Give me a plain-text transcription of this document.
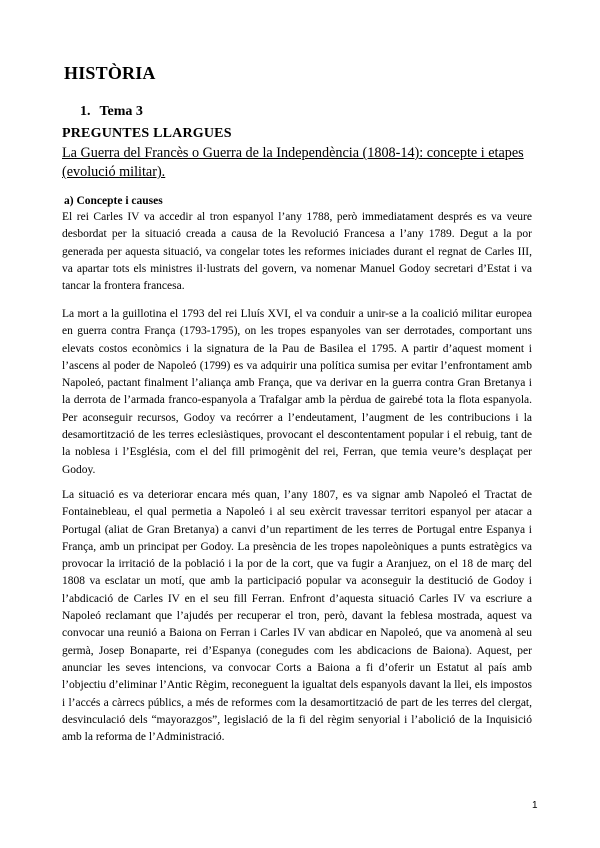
HISTÒRIA
1. Tema 3
PREGUNTES LLARGUES

La Guerra del Francès o Guerra de la Independència (1808-14): concepte i etapes (evolució militar).

a) Concepte i causes

El rei Carles IV va accedir al tron espanyol l’any 1788, però immediatament després es va veure desbordat per la situació creada a causa de la Revolució Francesa a l’any 1789. Degut a la por generada per aquesta situació, va congelar totes les reformes iniciades durant el regnat de Carles III, va apartar tots els ministres il·lustrats del govern, va nomenar Manuel Godoy secretari d’Estat i va tancar la frontera francesa.

La mort a la guillotina el 1793 del rei Lluís XVI, el va conduir a unir-se a la coalició militar europea en guerra contra França (1793-1795), on les tropes espanyoles van ser derrotades, comportant uns elevats costos econòmics i la signatura de la Pau de Basilea el 1795. A partir d’aquest moment i l’ascens al poder de Napoleó (1799) es va adquirir una política sumisa per evitar l’enfrontament amb Napoleó, pactant finalment l’aliança amb França, que va derivar en la guerra contra Gran Bretanya i la derrota de l’armada franco-espanyola a Trafalgar amb la pèrdua de gairebé tota la flota espanyola. Per aconseguir recursos, Godoy va recórrer a l’endeutament, l’augment de les contribucions i la desamortització de les terres eclesiàstiques, provocant el descontentament popular i el rebuig, tant de la noblesa i l’Església, com el del fill primogènit del rei, Ferran, que temia veure’s desplaçat per Godoy.

La situació es va deteriorar encara més quan, l’any 1807, es va signar amb Napoleó el Tractat de Fontainebleau, el qual permetia a Napoleó i al seu exèrcit travessar territori espanyol per atacar a Portugal (aliat de Gran Bretanya) a canvi d’un repartiment de les terres de Portugal entre Espanya i França, amb un principat per Godoy. La presència de les tropes napoleòniques a punts estratègics va provocar la irritació de la població i la por de la cort, que va fugir a Aranjuez, on el 18 de març del 1808 va esclatar un motí, que amb la participació popular va aconseguir la destitució de Godoy i l’abdicació de Carles IV en el seu fill Ferran. Enfront d’aquesta situació Carles IV va escriure a Napoleó reclamant que l’ajudés per recuperar el tron, però, davant la feblesa mostrada, aquest va convocar una reunió a Baiona on Ferran i Carles IV van abdicar en Napoleó, que va anomenà al seu germà, Josep Bonaparte, rei d’Espanya (conegudes com les abdicacions de Baiona). Aquest, per anunciar les seves intencions, va convocar Corts a Baiona a fi d’oferir un Estatut al país amb l’objectiu d’eliminar l’Antic Règim, reconeguent la igualtat dels espanyols davant la llei, els impostos i l’accés a càrrecs públics, a més de reformes com la desamortització de part de les terres del clergat, desvinculació dels “mayorazgos”, legislació de la fi del règim senyorial i l’abolició de la Inquisició amb la reforma de l’Administració.

1
